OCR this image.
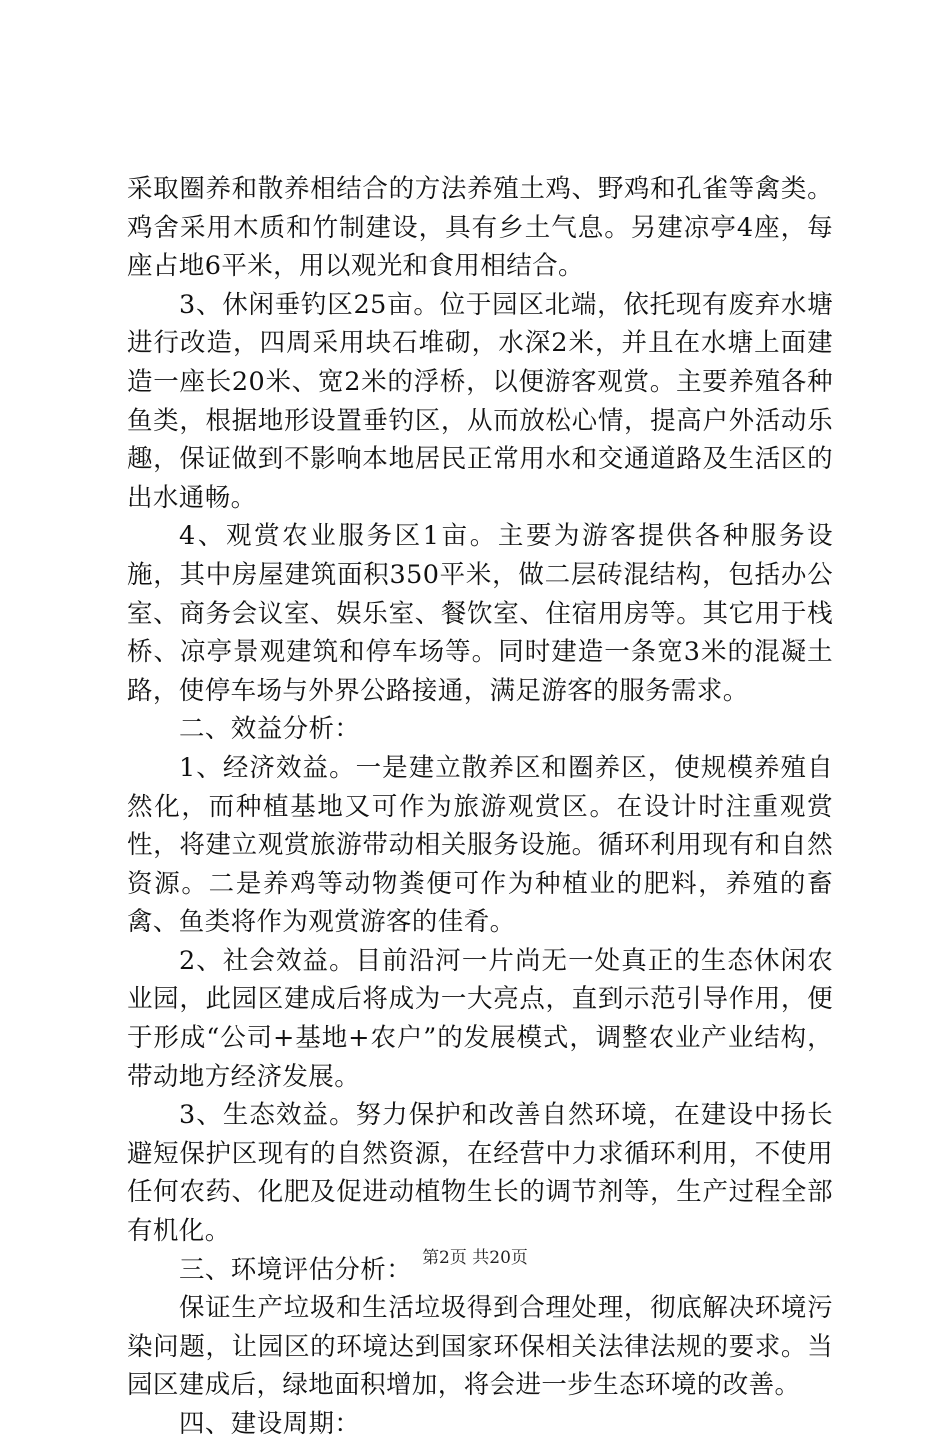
采取圈养和散养相结合的方法养殖土鸡、野鸡和孔雀等禽类。鸡舍采用木质和竹制建设，具有乡土气息。另建凉亭4座，每座占地6平米，用以观光和食用相结合。

3、休闲垂钓区25亩。位于园区北端，依托现有废弃水塘进行改造，四周采用块石堆砌，水深2米，并且在水塘上面建造一座长20米、宽2米的浮桥，以便游客观赏。主要养殖各种鱼类，根据地形设置垂钓区，从而放松心情，提高户外活动乐趣，保证做到不影响本地居民正常用水和交通道路及生活区的出水通畅。

4、观赏农业服务区1亩。主要为游客提供各种服务设施，其中房屋建筑面积350平米，做二层砖混结构，包括办公室、商务会议室、娱乐室、餐饮室、住宿用房等。其它用于栈桥、凉亭景观建筑和停车场等。同时建造一条宽3米的混凝土路，使停车场与外界公路接通，满足游客的服务需求。

二、效益分析：

1、经济效益。一是建立散养区和圈养区，使规模养殖自然化，而种植基地又可作为旅游观赏区。在设计时注重观赏性，将建立观赏旅游带动相关服务设施。循环利用现有和自然资源。二是养鸡等动物粪便可作为种植业的肥料，养殖的畜禽、鱼类将作为观赏游客的佳肴。

2、社会效益。目前沿河一片尚无一处真正的生态休闲农业园，此园区建成后将成为一大亮点，直到示范引导作用，便于形成“公司+基地+农户”的发展模式，调整农业产业结构，带动地方经济发展。

3、生态效益。努力保护和改善自然环境，在建设中扬长避短保护区现有的自然资源，在经营中力求循环利用，不使用任何农药、化肥及促进动植物生长的调节剂等，生产过程全部有机化。

三、环境评估分析：

保证生产垃圾和生活垃圾得到合理处理，彻底解决环境污染问题，让园区的环境达到国家环保相关法律法规的要求。当园区建成后，绿地面积增加，将会进一步生态环境的改善。

四、建设周期：

第2页 共20页
